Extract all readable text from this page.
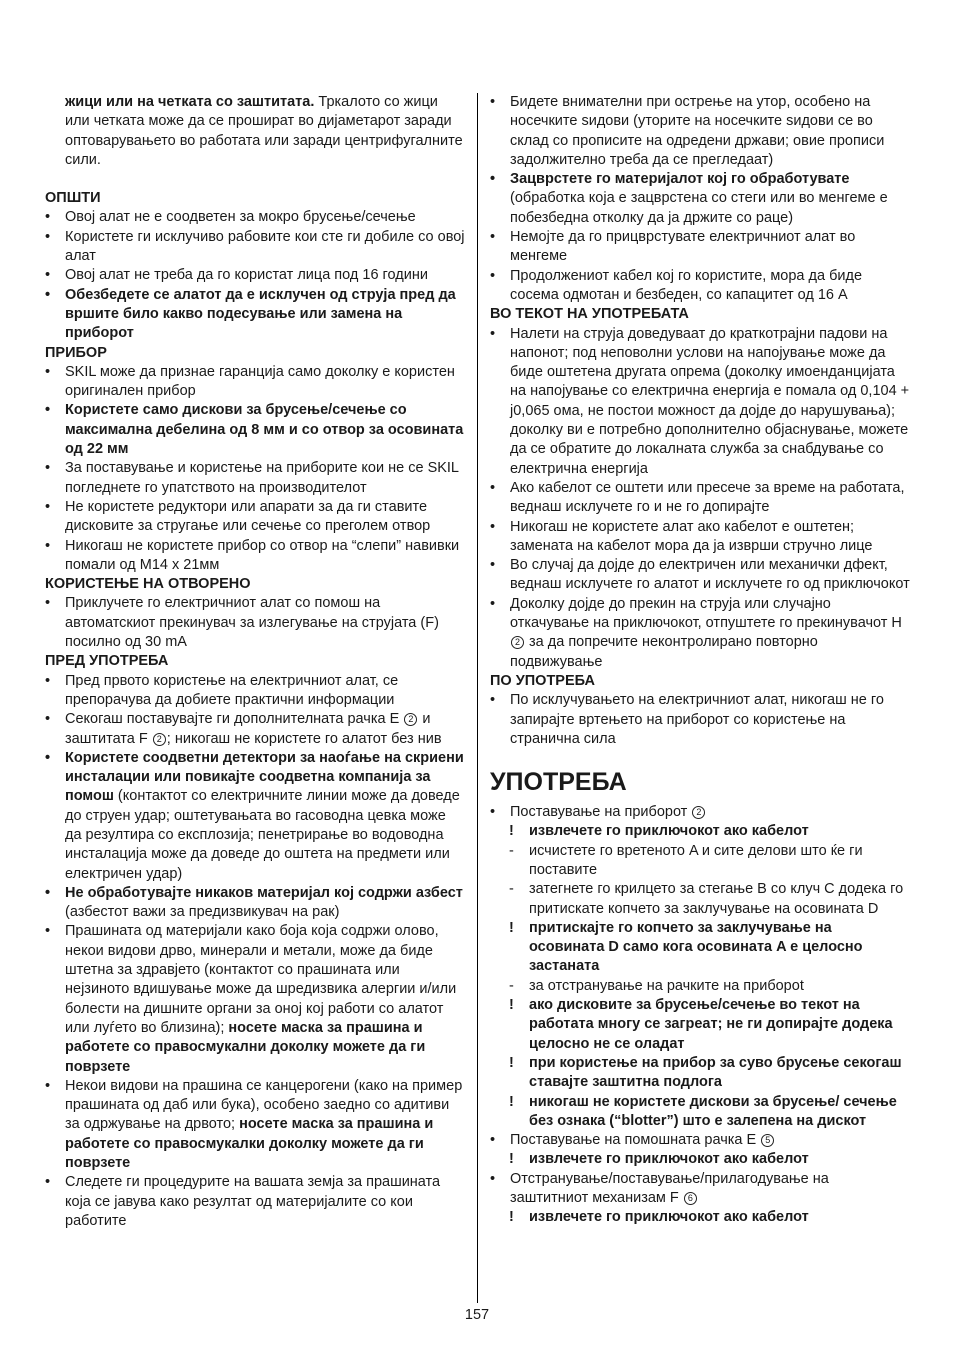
жици или на четката со заштитата. Тркалото со жици или четката може да се прошират во дијаметарот заради оптоварувањето во работата или заради центрифугалните сили.

ОПШТИ

•	Овој алат не е соодветен за мокро брусење/сечење
•	Користете ги исклучиво рабовите кои сте ги добиле со овој алат
•	Овој алат не треба да го користат лица под 16 години
•	Обезбедете се алатот да е исклучен од струја пред да вршите било какво подесување или замена на приборот

ПРИБОР

•	SKIL може да признае гаранција само доколку е користен оригинален прибор
•	Користете само дискови за брусење/сечење со максимална дебелина од 8 мм и со отвор за осовината од 22 мм
•	За поставување и користење на приборите кои не се SKIL погледнете го упатството на производителот
•	Не користете редуктори или апарати за да ги ставите дисковите за стругање или сечење со преголем отвор
•	Никогаш не користете прибор со отвор на “слепи” навивки помали од M14 x 21мм

КОРИСТЕЊЕ НА ОТВОРЕНО

•	Приклучете го електричниот алат со помош на автоматскиот прекинувач за излегување на струјата (F) посилно од 30 mA

ПРЕД УПОТРЕБА

•	Пред првото користење на електричниот алат, се препорачува да добиете практични информации
•	Секогаш поставувајте ги дополнителната рачка E 2 и заштитата F 2 ; никогаш не користете го алатот без нив
•	Користете соодветни детектори за наоѓање на скриени инсталации или повикајте соодветна компанија за помош (контактот со електричните линии може да доведе до струен удар; оштетувањата во гасоводна цевка може да резултира со експлозија; пенетрирање во водоводна инсталација може да доведе до оштета на предмети или електричен удар)
•	Не обработувајте никаков материјал кој содржи азбест (азбестот важи за предизвикувач на рак)
•	Прашината од материјали како боја која содржи олово, некои видови дрво, минерали и метали, може да биде штетна за здравјето (контактот со прашината или нејзиното вдишување може да шредизвика алергии и/или болести на дишните органи за оној кој работи со алатот или луѓето во близина); носете маска за прашина и работете со правосмукални доколку можете да ги поврзете
•	Некои видови на прашина се канцерогени (како на пример прашината од даб или бука), особено заедно со адитиви за одржување на дрвото; носете маска за прашина и работете со правосмукалки доколку можете да ги поврзете
•	Следете ги процедурите на вашата земја за прашината која се јавува како резултат од материјалите со кои работите
•	Бидете внимателни при острење на утор, особено на носечките ѕидови (уторите на носечките ѕидови се во склад со прописите на одредени држави; овие прописи задолжително треба да се прегледаат)
•	Зацврстете го материјалот кој го обработувате (обработка која е зацврстена со стеги или во менгеме е побезбедна отколку да ја држите со раце)
•	Немојте да го прицврстувате електричниот алат во менгеме
•	Продолжениот кабел кој го користите, мора да биде сосема одмотан и безбеден, со капацитет од 16 A

ВО ТЕКОТ НА УПОТРЕБАТА

•	Налети на струја доведуваат до краткотрајни падови на напонот; под неповолни услови на напојување може да биде оштетена другата опрема (доколку имоенданцијата на напојување со електрична енергија е помала од 0,104 + j0,065 ома, не постои можност да дојде до нарушувања); доколку ви е потребно дополнително објаснување, можете да се обратите до локалната служба за снабдување со електрична енергија
•	Ако кабелот се оштети или пресече за време на работата, веднаш исклучете го и не го допирајте
•	Никогаш не користете алат ако кабелот е оштетен; замената на кабелот мора да ја изврши стручно лице
•	Во случај да дојде до електричен или механички дфект, веднаш исклучете го алатот и исклучете го од приключокот
•	Доколку дојде до прекин на струја или случајно откачување на приключокот, отпуштете го прекинувачот H 2 за да попречите неконтролирано повторно подвижување

ПО УПОТРЕБА

•	По исклучувањето на електричниот алат, никогаш не го запирајте вртењето на приборот со користење на странична сила

УПОТРЕБА

•	Поставување на приборот 2
!	извлечете го приключокот ако кабелот
-	исчистете го вретеното A и сите делови што ќе ги поставите
-	затегнете го крилцето за стегање B со клуч C додека го притискате копчето за заклучување на осовината D
!	притискајте го копчето за заклучување на осовината D само кога осовината A е целосно застаната
-	за отстранување на рачките на прибороt
!	ако дисковите за брусење/сечење во текот на работата многу се загреат; не ги допирајте додека целосно не се оладат
!	при користење на прибор за суво брусење секогаш ставајте заштитна подлога
!	никогаш не користете дискови за брусење/ сечење без ознака (“blotter”) што е залепена на дискот
•	Поставување на помошната рачка E 5
!	извлечете го приключокот ако кабелот
•	Отстранување/поставување/прилагодување на заштитниот механизам F 6
!	извлечете го приключокот ако кабелот
157
